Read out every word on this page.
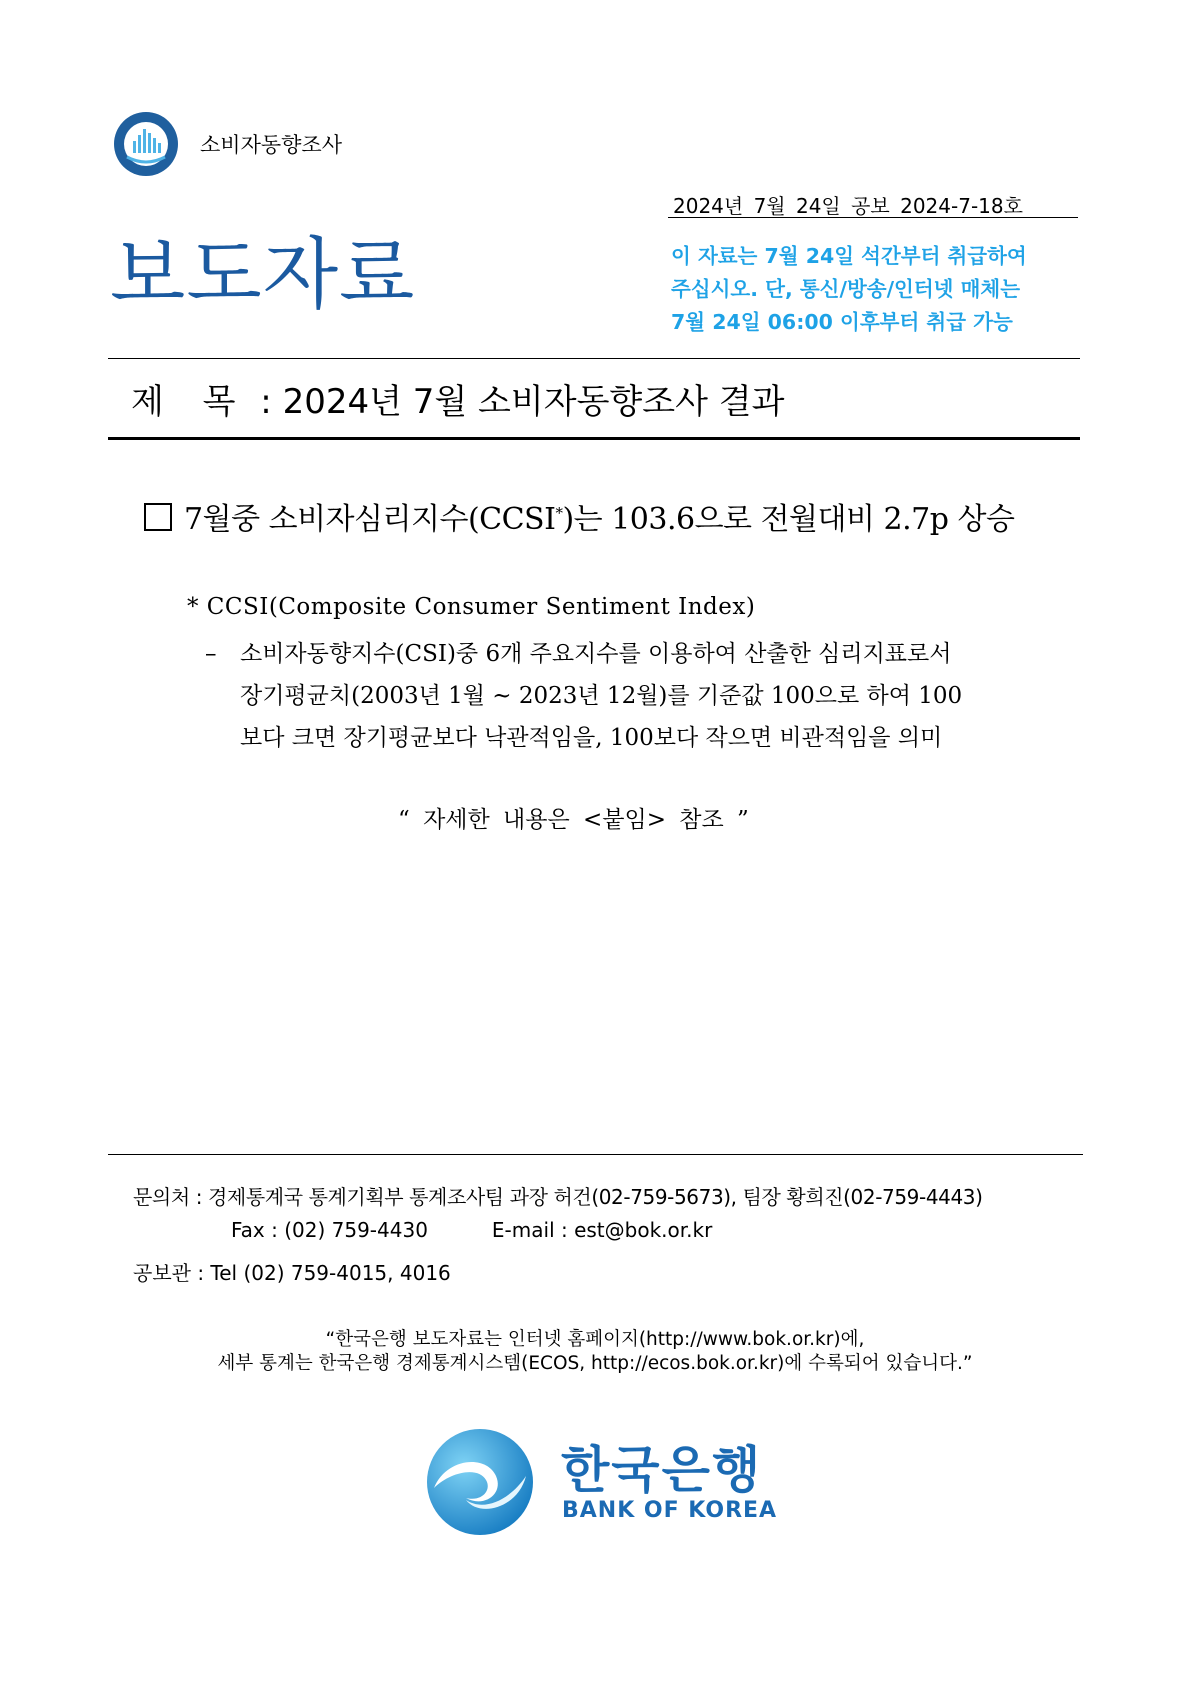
소비자동향조사
2024년 7월 24일 공보 2024-7-18호
보도자료	이 자료는 7월 24일 석간부터 취급하여
주십시오. 단, 통신/방송/인터넷 매체는
7월 24일 06:00 이후부터 취급 가능
제 목 : 2024년 7월 소비자동향조사 결과
7월중 소비자심리지수(CCSI*)는 103.6으로 전월대비 2.7p 상승
* CCSI(Composite Consumer Sentiment Index)
– 소비자동향지수(CSI)중 6개 주요지수를 이용하여 산출한 심리지표로서
장기평균치(2003년 1월 ~ 2023년 12월)를 기준값 100으로 하여 100
보다 크면 장기평균보다 낙관적임을, 100보다 작으면 비관적임을 의미
“ 자세한 내용은 <붙임> 참조 ”
문의처 : 경제통계국 통계기획부 통계조사팀 과장 허건(02-759-5673), 팀장 황희진(02-759-4443)
Fax : (02) 759-4430	E-mail : est@bok.or.kr
공보관 : Tel (02) 759-4015, 4016
“한국은행 보도자료는 인터넷 홈페이지(http://www.bok.or.kr)에,
세부 통계는 한국은행 경제통계시스템(ECOS, http://ecos.bok.or.kr)에 수록되어 있습니다.”
한국은행
BANK OF KOREA
